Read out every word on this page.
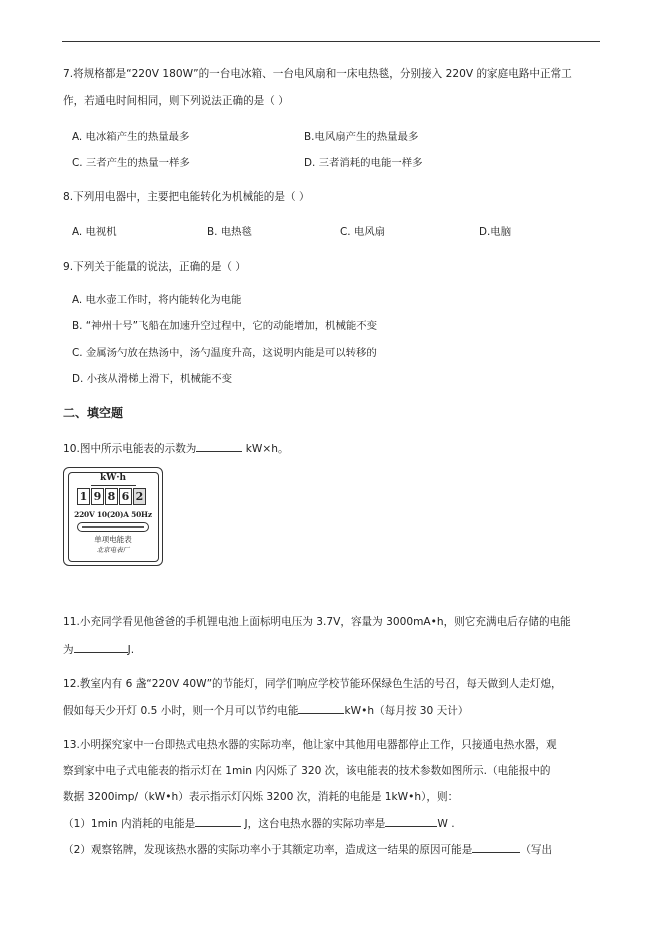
7.将规格都是“220V 180W”的一台电冰箱、一台电风扇和一床电热毯，分别接入 220V 的家庭电路中正常工
作，若通电时间相同，则下列说法正确的是（ ）
A. 电冰箱产生的热量最多	B.电风扇产生的热量最多
C. 三者产生的热量一样多	D. 三者消耗的电能一样多
8.下列用电器中，主要把电能转化为机械能的是（ ）
A. 电视机	B. 电热毯	C. 电风扇	D.电脑
9.下列关于能量的说法，正确的是（ ）
A. 电水壶工作时，将内能转化为电能
B. “神州十号”飞船在加速升空过程中，它的动能增加，机械能不变
C. 金属汤勺放在热汤中，汤勺温度升高，这说明内能是可以转移的
D. 小孩从滑梯上滑下，机械能不变
二、填空题
10.图中所示电能表的示数为	kW×h。
kW·h
1 9 8 6 2
220V 10(20)A 50Hz
单项电能表
北京电表厂
11.小充同学看见他爸爸的手机锂电池上面标明电压为 3.7V，容量为 3000mA•h，则它充满电后存储的电能
为	J.
12.教室内有 6 盏“220V 40W”的节能灯，同学们响应学校节能环保绿色生活的号召，每天做到人走灯熄，
假如每天少开灯 0.5 小时，则一个月可以节约电能	kW•h（每月按 30 天计）
13.小明探究家中一台即热式电热水器的实际功率，他让家中其他用电器都停止工作，只接通电热水器，观
察到家中电子式电能表的指示灯在 1min 内闪烁了 320 次，该电能表的技术参数如图所示.（电能报中的
数据 3200imp/（kW•h）表示指示灯闪烁 3200 次，消耗的电能是 1kW•h），则：
（1）1min 内消耗的电能是	J，这台电热水器的实际功率是	W .
（2）观察铭牌，发现该热水器的实际功率小于其额定功率，造成这一结果的原因可能是	（写出
